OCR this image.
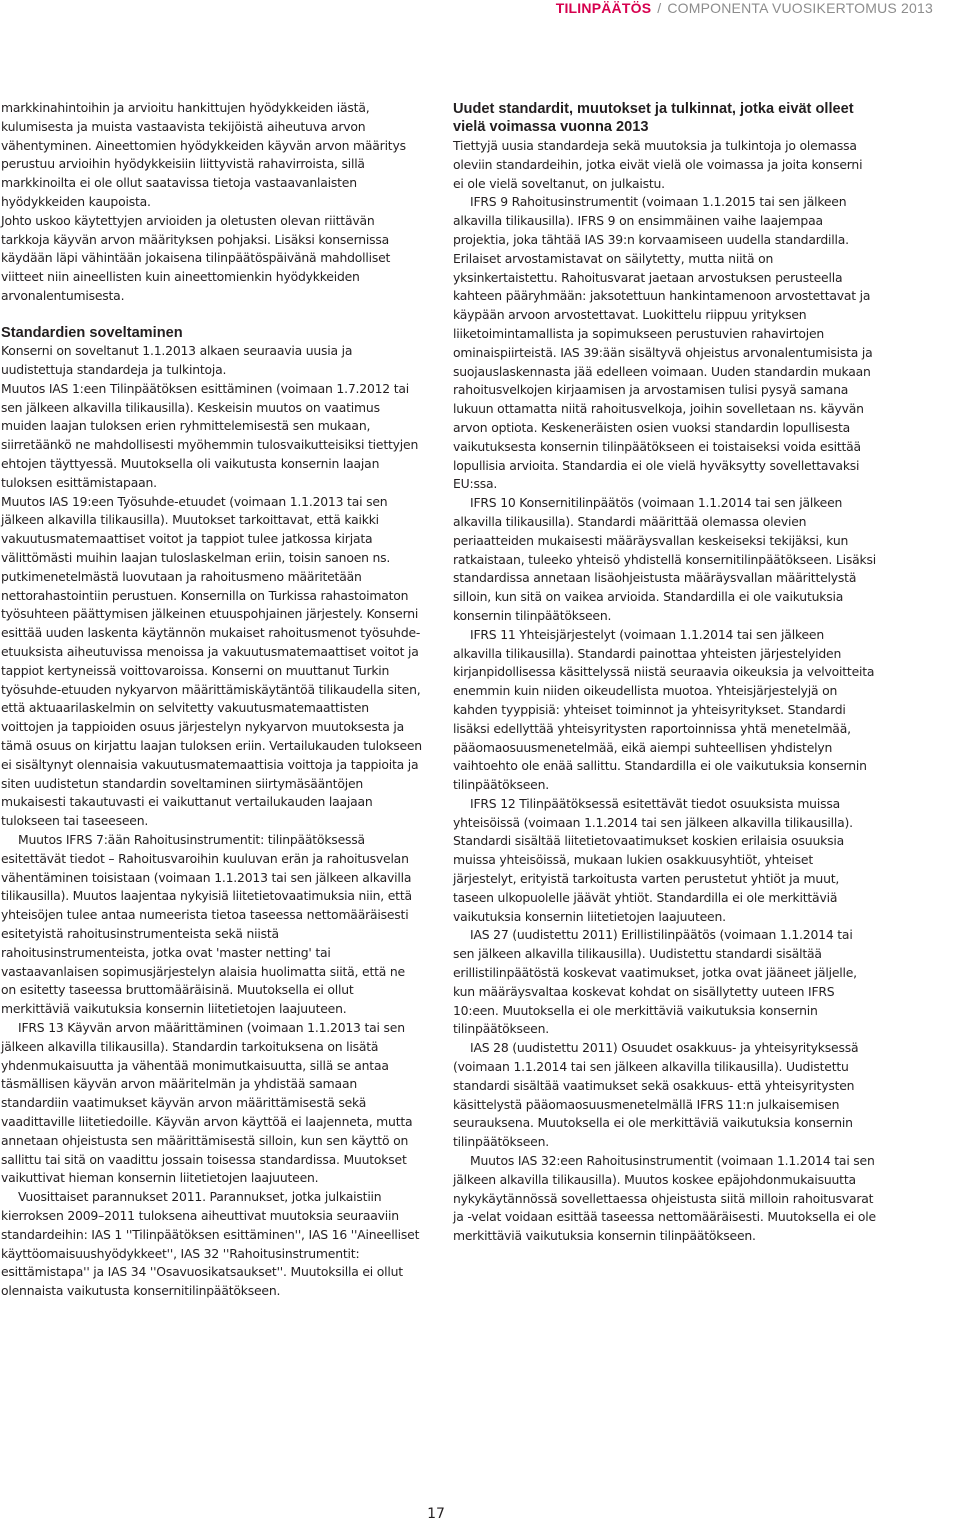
TILINPÄÄTÖS / COMPONENTA VUOSIKERTOMUS 2013

markkinahintoihin ja arvioitu hankittujen hyödykkeiden iästä, kulumisesta ja muista vastaavista tekijöistä aiheutuva arvon vähentyminen. Aineettomien hyödykkeiden käyvän arvon määritys perustuu arvioihin hyödykkeisiin liittyvistä rahavirroista, sillä markkinoilta ei ole ollut saatavissa tietoja vastaavanlaisten hyödykkeiden kaupoista.

Johto uskoo käytettyjen arvioiden ja oletusten olevan riittävän tarkkoja käyvän arvon määrityksen pohjaksi. Lisäksi konsernissa käydään läpi vähintään jokaisena tilinpäätöspäivänä mahdolliset viitteet niin aineellisten kuin aineettomienkin hyödykkeiden arvonalentumisesta.

Standardien soveltaminen

Konserni on soveltanut 1.1.2013 alkaen seuraavia uusia ja uudistettuja standardeja ja tulkintoja.

Muutos IAS 1:een Tilinpäätöksen esittäminen (voimaan 1.7.2012 tai sen jälkeen alkavilla tilikausilla). Keskeisin muutos on vaatimus muiden laajan tuloksen erien ryhmittelemisestä sen mukaan, siirretäänkö ne mahdollisesti myöhemmin tulosvaikutteisiksi tiettyjen ehtojen täyttyessä. Muutoksella oli vaikutusta konsernin laajan tuloksen esittämistapaan.

Muutos IAS 19:een Työsuhde-etuudet (voimaan 1.1.2013 tai sen jälkeen alkavilla tilikausilla). Muutokset tarkoittavat, että kaikki vakuutusmatemaattiset voitot ja tappiot tulee jatkossa kirjata välittömästi muihin laajan tuloslaskelman eriin, toisin sanoen ns. putkimenetelmästä luovutaan ja rahoitusmeno määritetään nettorahastointiin perustuen. Konsernilla on Turkissa rahastoimaton työsuhteen päättymisen jälkeinen etuuspohjainen järjestely. Konserni esittää uuden laskenta käytännön mukaiset rahoitusmenot työsuhde-etuuksista aiheutuvissa menoissa ja vakuutusmatemaattiset voitot ja tappiot kertyneissä voittovaroissa. Konserni on muuttanut Turkin työsuhde-etuuden nykyarvon määrittämiskäytäntöä tilikaudella siten, että aktuaarilaskelmin on selvitetty vakuutusmatemaattisten voittojen ja tappioiden osuus järjestelyn nykyarvon muutoksesta ja tämä osuus on kirjattu laajan tuloksen eriin. Vertailukauden tulokseen ei sisältynyt olennaisia vakuutusmatemaattisia voittoja ja tappioita ja siten uudistetun standardin soveltaminen siirtymäsääntöjen mukaisesti takautuvasti ei vaikuttanut vertailukauden laajaan tulokseen tai taseeseen.

Muutos IFRS 7:ään Rahoitusinstrumentit: tilinpäätöksessä esitettävät tiedot – Rahoitusvaroihin kuuluvan erän ja rahoitusvelan vähentäminen toisistaan (voimaan 1.1.2013 tai sen jälkeen alkavilla tilikausilla). Muutos laajentaa nykyisiä liitetietovaatimuksia niin, että yhteisöjen tulee antaa numeerista tietoa taseessa nettomääräisesti esitetyistä rahoitusinstrumenteista sekä niistä rahoitusinstrumenteista, jotka ovat 'master netting' tai vastaavanlaisen sopimusjärjestelyn alaisia huolimatta siitä, että ne on esitetty taseessa bruttomääräisinä. Muutoksella ei ollut merkittäviä vaikutuksia konsernin liitetietojen laajuuteen.

IFRS 13 Käyvän arvon määrittäminen (voimaan 1.1.2013 tai sen jälkeen alkavilla tilikausilla). Standardin tarkoituksena on lisätä yhdenmukaisuutta ja vähentää monimutkaisuutta, sillä se antaa täsmällisen käyvän arvon määritelmän ja yhdistää samaan standardiin vaatimukset käyvän arvon määrittämisestä sekä vaadittaville liitetiedoille. Käyvän arvon käyttöä ei laajenneta, mutta annetaan ohjeistusta sen määrittämisestä silloin, kun sen käyttö on sallittu tai sitä on vaadittu jossain toisessa standardissa. Muutokset vaikuttivat hieman konsernin liitetietojen laajuuteen.

Vuosittaiset parannukset 2011. Parannukset, jotka julkaistiin kierroksen 2009–2011 tuloksena aiheuttivat muutoksia seuraaviin standardeihin: IAS 1 ''Tilinpäätöksen esittäminen'', IAS 16 ''Aineelliset käyttöomaisuushyödykkeet'', IAS 32 ''Rahoitusinstrumentit: esittämistapa'' ja IAS 34 ''Osavuosikatsaukset''. Muutoksilla ei ollut olennaista vaikutusta konsernitilinpäätökseen.

Uudet standardit, muutokset ja tulkinnat, jotka eivät olleet vielä voimassa vuonna 2013

Tiettyjä uusia standardeja sekä muutoksia ja tulkintoja jo olemassa oleviin standardeihin, jotka eivät vielä ole voimassa ja joita konserni ei ole vielä soveltanut, on julkaistu.

IFRS 9 Rahoitusinstrumentit (voimaan 1.1.2015 tai sen jälkeen alkavilla tilikausilla). IFRS 9 on ensimmäinen vaihe laajempaa projektia, joka tähtää IAS 39:n korvaamiseen uudella standardilla. Erilaiset arvostamistavat on säilytetty, mutta niitä on yksinkertaistettu. Rahoitusvarat jaetaan arvostuksen perusteella kahteen pääryhmään: jaksotettuun hankintamenoon arvostettavat ja käypään arvoon arvostettavat. Luokittelu riippuu yrityksen liiketoimintamallista ja sopimukseen perustuvien rahavirtojen ominaispiirteistä. IAS 39:ään sisältyvä ohjeistus arvonalentumisista ja suojauslaskennasta jää edelleen voimaan. Uuden standardin mukaan rahoitusvelkojen kirjaamisen ja arvostamisen tulisi pysyä samana lukuun ottamatta niitä rahoitusvelkoja, joihin sovelletaan ns. käyvän arvon optiota. Keskeneräisten osien vuoksi standardin lopullisesta vaikutuksesta konsernin tilinpäätökseen ei toistaiseksi voida esittää lopullisia arvioita. Standardia ei ole vielä hyväksytty sovellettavaksi EU:ssa.

IFRS 10 Konsernitilinpäätös (voimaan 1.1.2014 tai sen jälkeen alkavilla tilikausilla). Standardi määrittää olemassa olevien periaatteiden mukaisesti määräysvallan keskeiseksi tekijäksi, kun ratkaistaan, tuleeko yhteisö yhdistellä konsernitilinpäätökseen. Lisäksi standardissa annetaan lisäohjeistusta määräysvallan määrittelystä silloin, kun sitä on vaikea arvioida. Standardilla ei ole vaikutuksia konsernin tilinpäätökseen.

IFRS 11 Yhteisjärjestelyt (voimaan 1.1.2014 tai sen jälkeen alkavilla tilikausilla). Standardi painottaa yhteisten järjestelyiden kirjanpidollisessa käsittelyssä niistä seuraavia oikeuksia ja velvoitteita enemmin kuin niiden oikeudellista muotoa. Yhteisjärjestelyjä on kahden tyyppisiä: yhteiset toiminnot ja yhteisyritykset. Standardi lisäksi edellyttää yhteisyritysten raportoinnissa yhtä menetelmää, pääomaosuusmenetelmää, eikä aiempi suhteellisen yhdistelyn vaihtoehto ole enää sallittu. Standardilla ei ole vaikutuksia konsernin tilinpäätökseen.

IFRS 12 Tilinpäätöksessä esitettävät tiedot osuuksista muissa yhteisöissä (voimaan 1.1.2014 tai sen jälkeen alkavilla tilikausilla). Standardi sisältää liitetietovaatimukset koskien erilaisia osuuksia muissa yhteisöissä, mukaan lukien osakkuusyhtiöt, yhteiset järjestelyt, erityistä tarkoitusta varten perustetut yhtiöt ja muut, taseen ulkopuolelle jäävät yhtiöt. Standardilla ei ole merkittäviä vaikutuksia konsernin liitetietojen laajuuteen.

IAS 27 (uudistettu 2011) Erillistilinpäätös (voimaan 1.1.2014 tai sen jälkeen alkavilla tilikausilla). Uudistettu standardi sisältää erillistilinpäätöstä koskevat vaatimukset, jotka ovat jääneet jäljelle, kun määräysvaltaa koskevat kohdat on sisällytetty uuteen IFRS 10:een. Muutoksella ei ole merkittäviä vaikutuksia konsernin tilinpäätökseen.

IAS 28 (uudistettu 2011) Osuudet osakkuus- ja yhteisyrityksessä (voimaan 1.1.2014 tai sen jälkeen alkavilla tilikausilla). Uudistettu standardi sisältää vaatimukset sekä osakkuus- että yhteisyritysten käsittelystä pääomaosuusmenetelmällä IFRS 11:n julkaisemisen seurauksena. Muutoksella ei ole merkittäviä vaikutuksia konsernin tilinpäätökseen.

Muutos IAS 32:een Rahoitusinstrumentit (voimaan 1.1.2014 tai sen jälkeen alkavilla tilikausilla). Muutos koskee epäjohdonmukaisuutta nykykäytännössä sovellettaessa ohjeistusta siitä milloin rahoitusvarat ja -velat voidaan esittää taseessa nettomääräisesti. Muutoksella ei ole merkittäviä vaikutuksia konsernin tilinpäätökseen.

17
